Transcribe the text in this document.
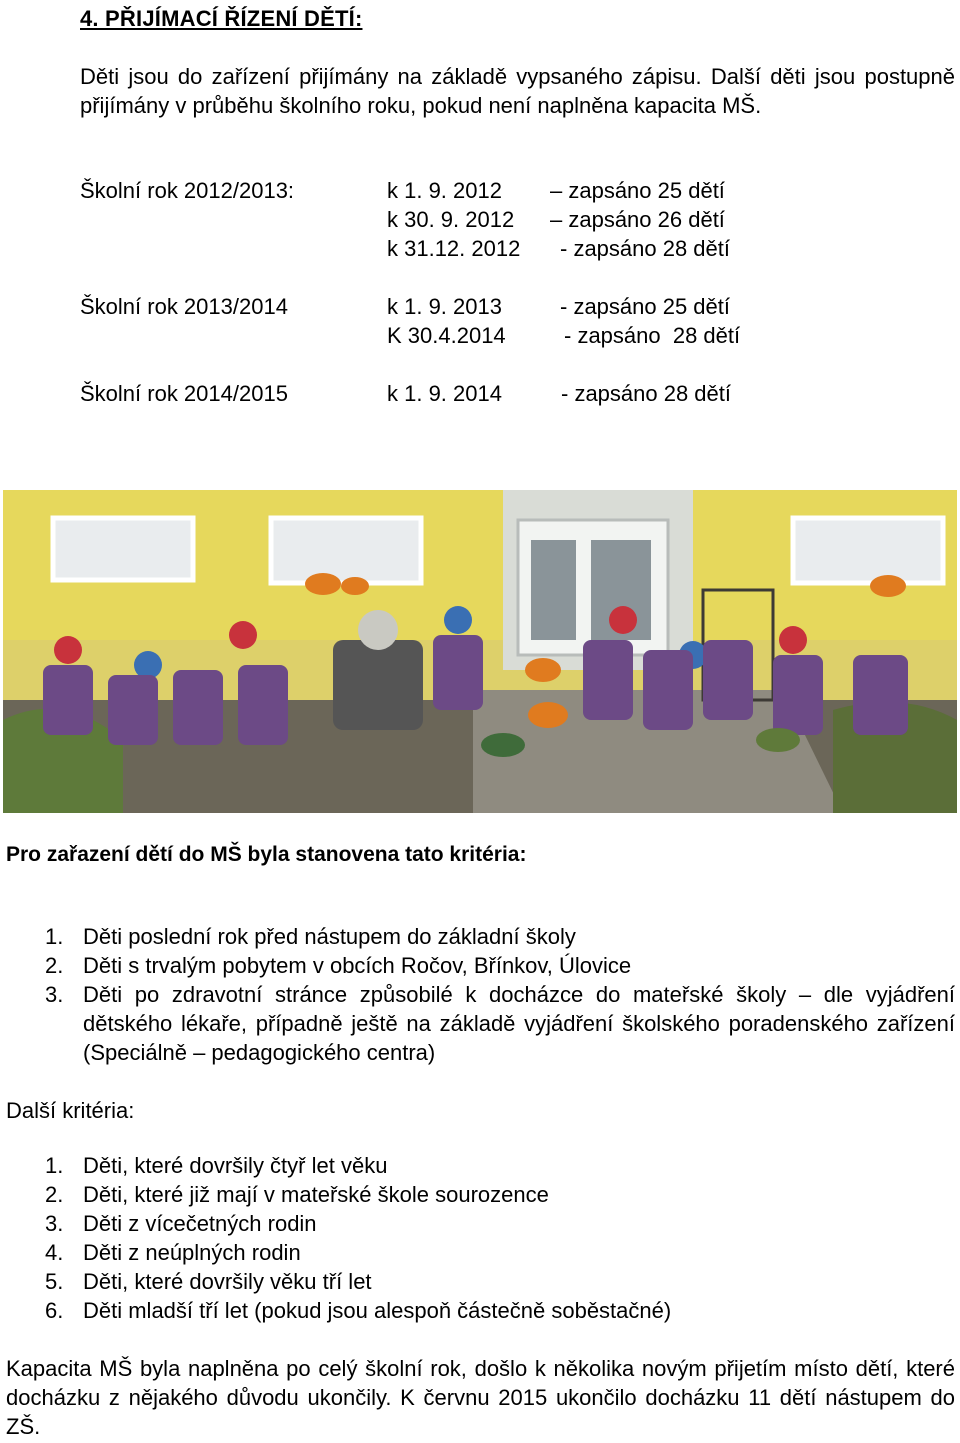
4. PŘIJÍMACÍ ŘÍZENÍ DĚTÍ:
Děti jsou do zařízení přijímány na základě vypsaného zápisu. Další děti jsou postupně přijímány v průběhu školního roku, pokud není naplněna kapacita MŠ.
Školní rok 2012/2013:	k 1. 9. 2012 – zapsáno 25 dětí
k 30. 9. 2012 – zapsáno 26 dětí
k 31.12. 2012 - zapsáno 28 dětí
Školní rok 2013/2014	k 1. 9. 2013	- zapsáno 25 dětí
K 30.4.2014	- zapsáno  28 dětí
Školní rok 2014/2015	k 1. 9. 2014	- zapsáno 28 dětí
Pro zařazení dětí do MŠ byla stanovena tato kritéria:
1. Děti poslední rok před nástupem do základní školy
2. Děti s trvalým pobytem v obcích Ročov, Břínkov, Úlovice
3. Děti po zdravotní stránce způsobilé k docházce do mateřské školy – dle vyjádření dětského lékaře, případně ještě na základě vyjádření školského poradenského zařízení (Speciálně – pedagogického centra)
Další kritéria:
1. Děti, které dovršily čtyř let věku
2. Děti, které již mají v mateřské škole sourozence
3. Děti z vícečetných rodin
4. Děti z neúplných rodin
5. Děti, které dovršily věku tří let
6. Děti mladší tří let (pokud jsou alespoň částečně soběstačné)
Kapacita MŠ byla naplněna po celý školní rok, došlo k několika novým přijetím místo dětí, které docházku z nějakého důvodu ukončily. K červnu 2015 ukončilo docházku 11 dětí nástupem do ZŠ.
